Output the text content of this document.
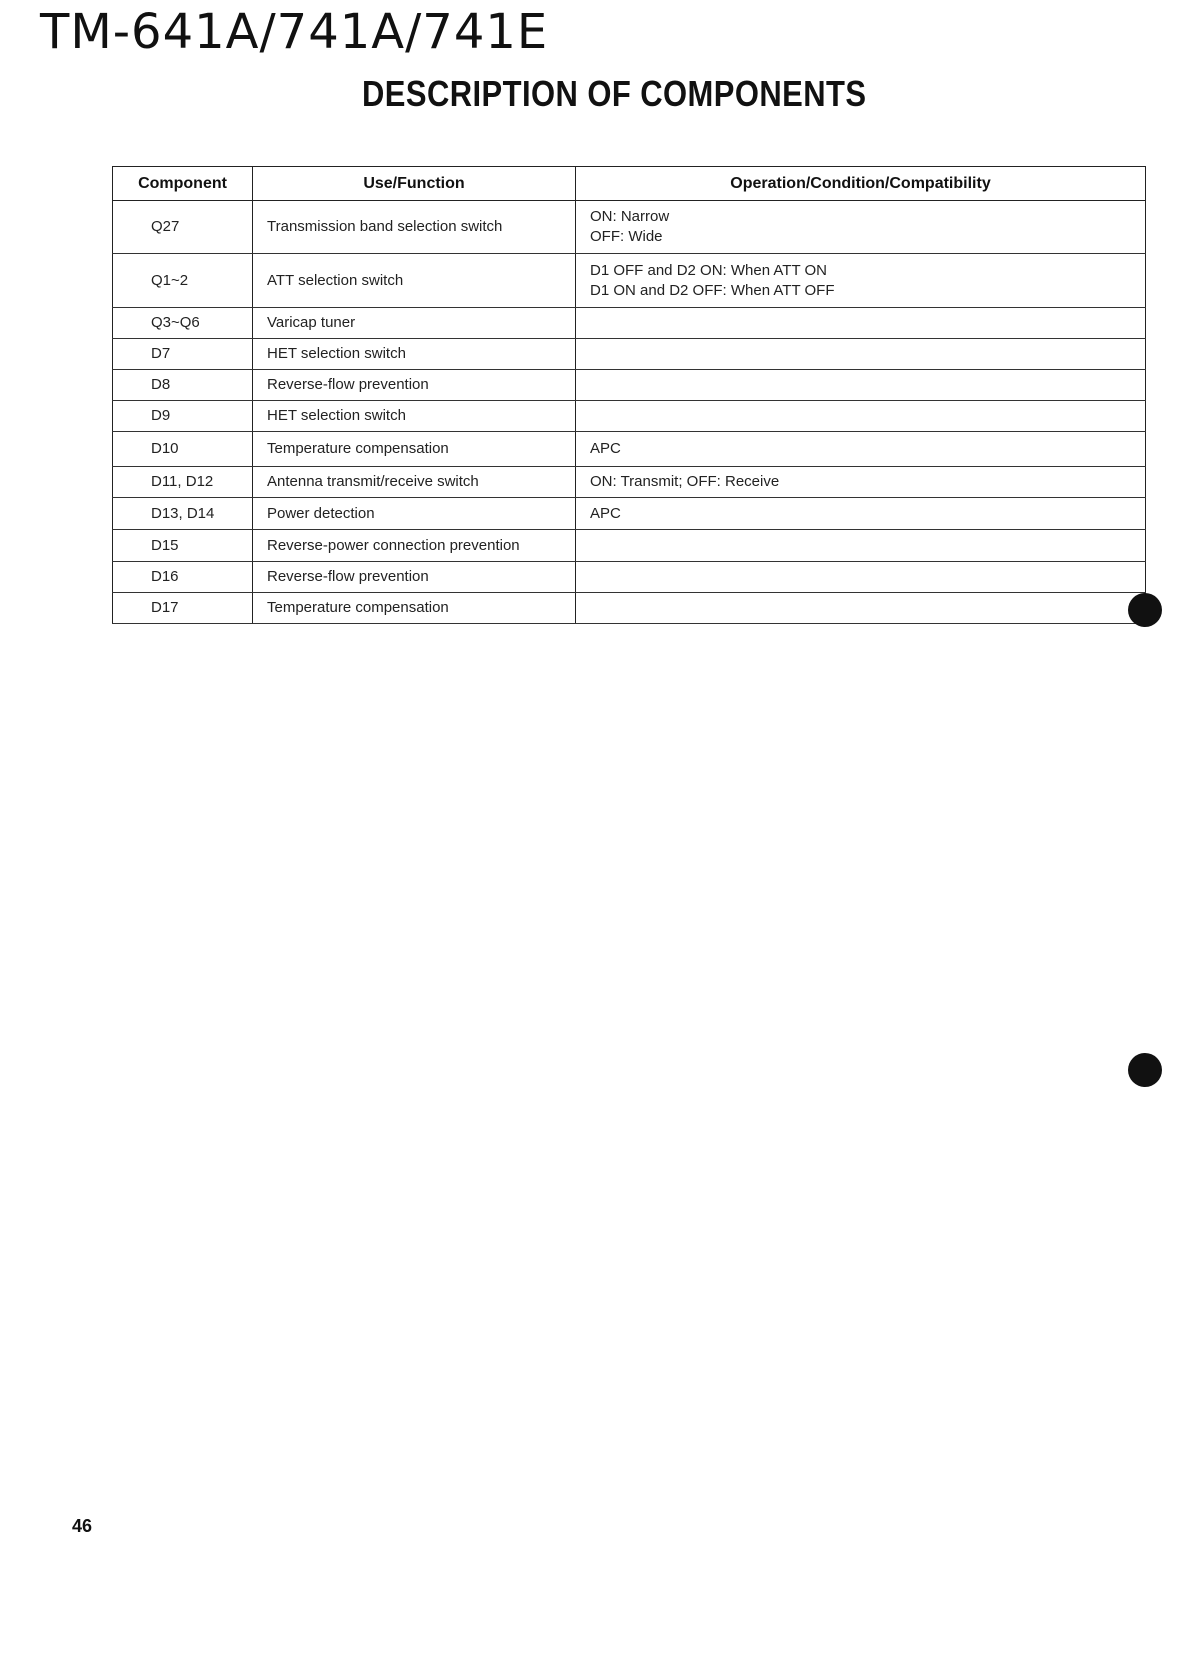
TM-641A/741A/741E
DESCRIPTION OF COMPONENTS
Component	Use/Function	Operation/Condition/Compatibility
Q27	Transmission band selection switch	ON: Narrow
OFF: Wide

Q1~2	ATT selection switch	D1 OFF and D2 ON: When ATT ON
D1 ON and D2 OFF: When ATT OFF

Q3~Q6	Varicap tuner	
D7	HET selection switch	
D8	Reverse-flow prevention	
D9	HET selection switch	
D10	Temperature compensation	APC

D11, D12	Antenna transmit/receive switch	ON: Transmit; OFF: Receive

D13, D14	Power detection	APC

D15	Reverse-power connection prevention	
D16	Reverse-flow prevention	
D17	Temperature compensation	
46
